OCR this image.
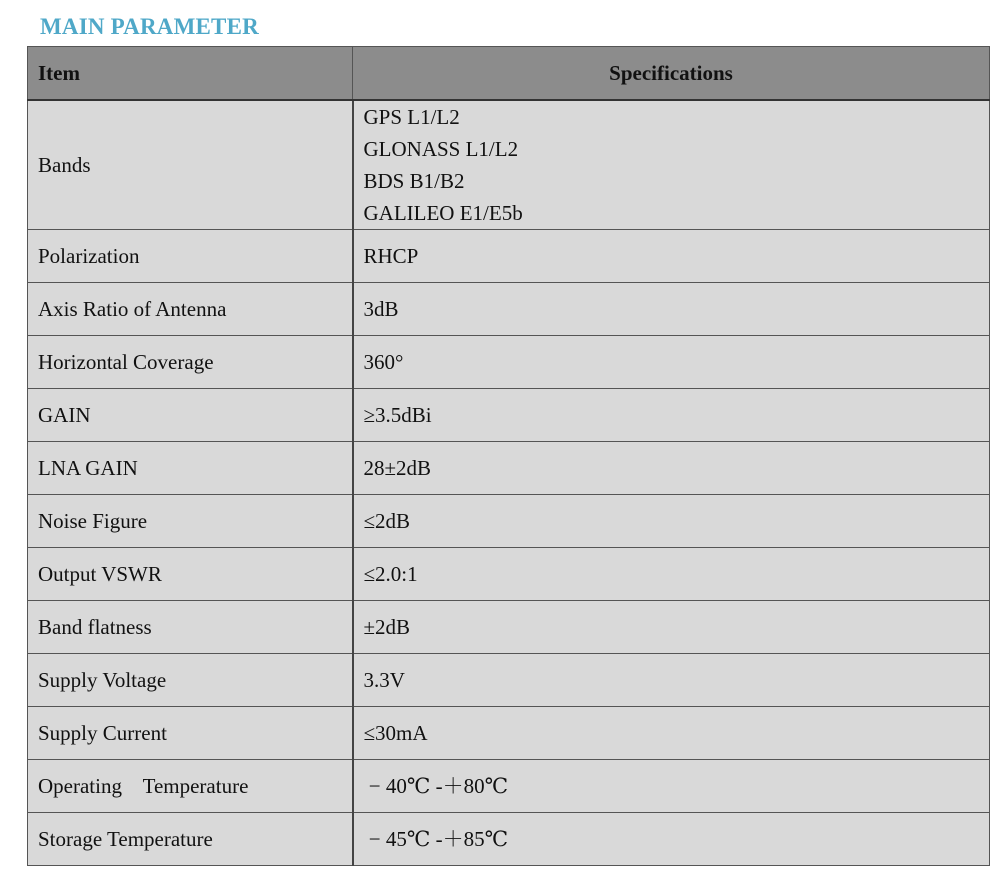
MAIN PARAMETER
Item	Specifications
Bands	GPS L1/L2
GLONASS L1/L2
BDS B1/B2
GALILEO E1/E5b

Polarization	RHCP
Axis Ratio of Antenna	3dB
Horizontal Coverage	360°
GAIN	≥3.5dBi
LNA GAIN	28±2dB
Noise Figure	≤2dB
Output VSWR	≤2.0:1
Band flatness	±2dB
Supply Voltage	3.3V
Supply Current	≤30mA
Operating    Temperature	− 40℃ -＋80℃
Storage Temperature	− 45℃ -＋85℃
